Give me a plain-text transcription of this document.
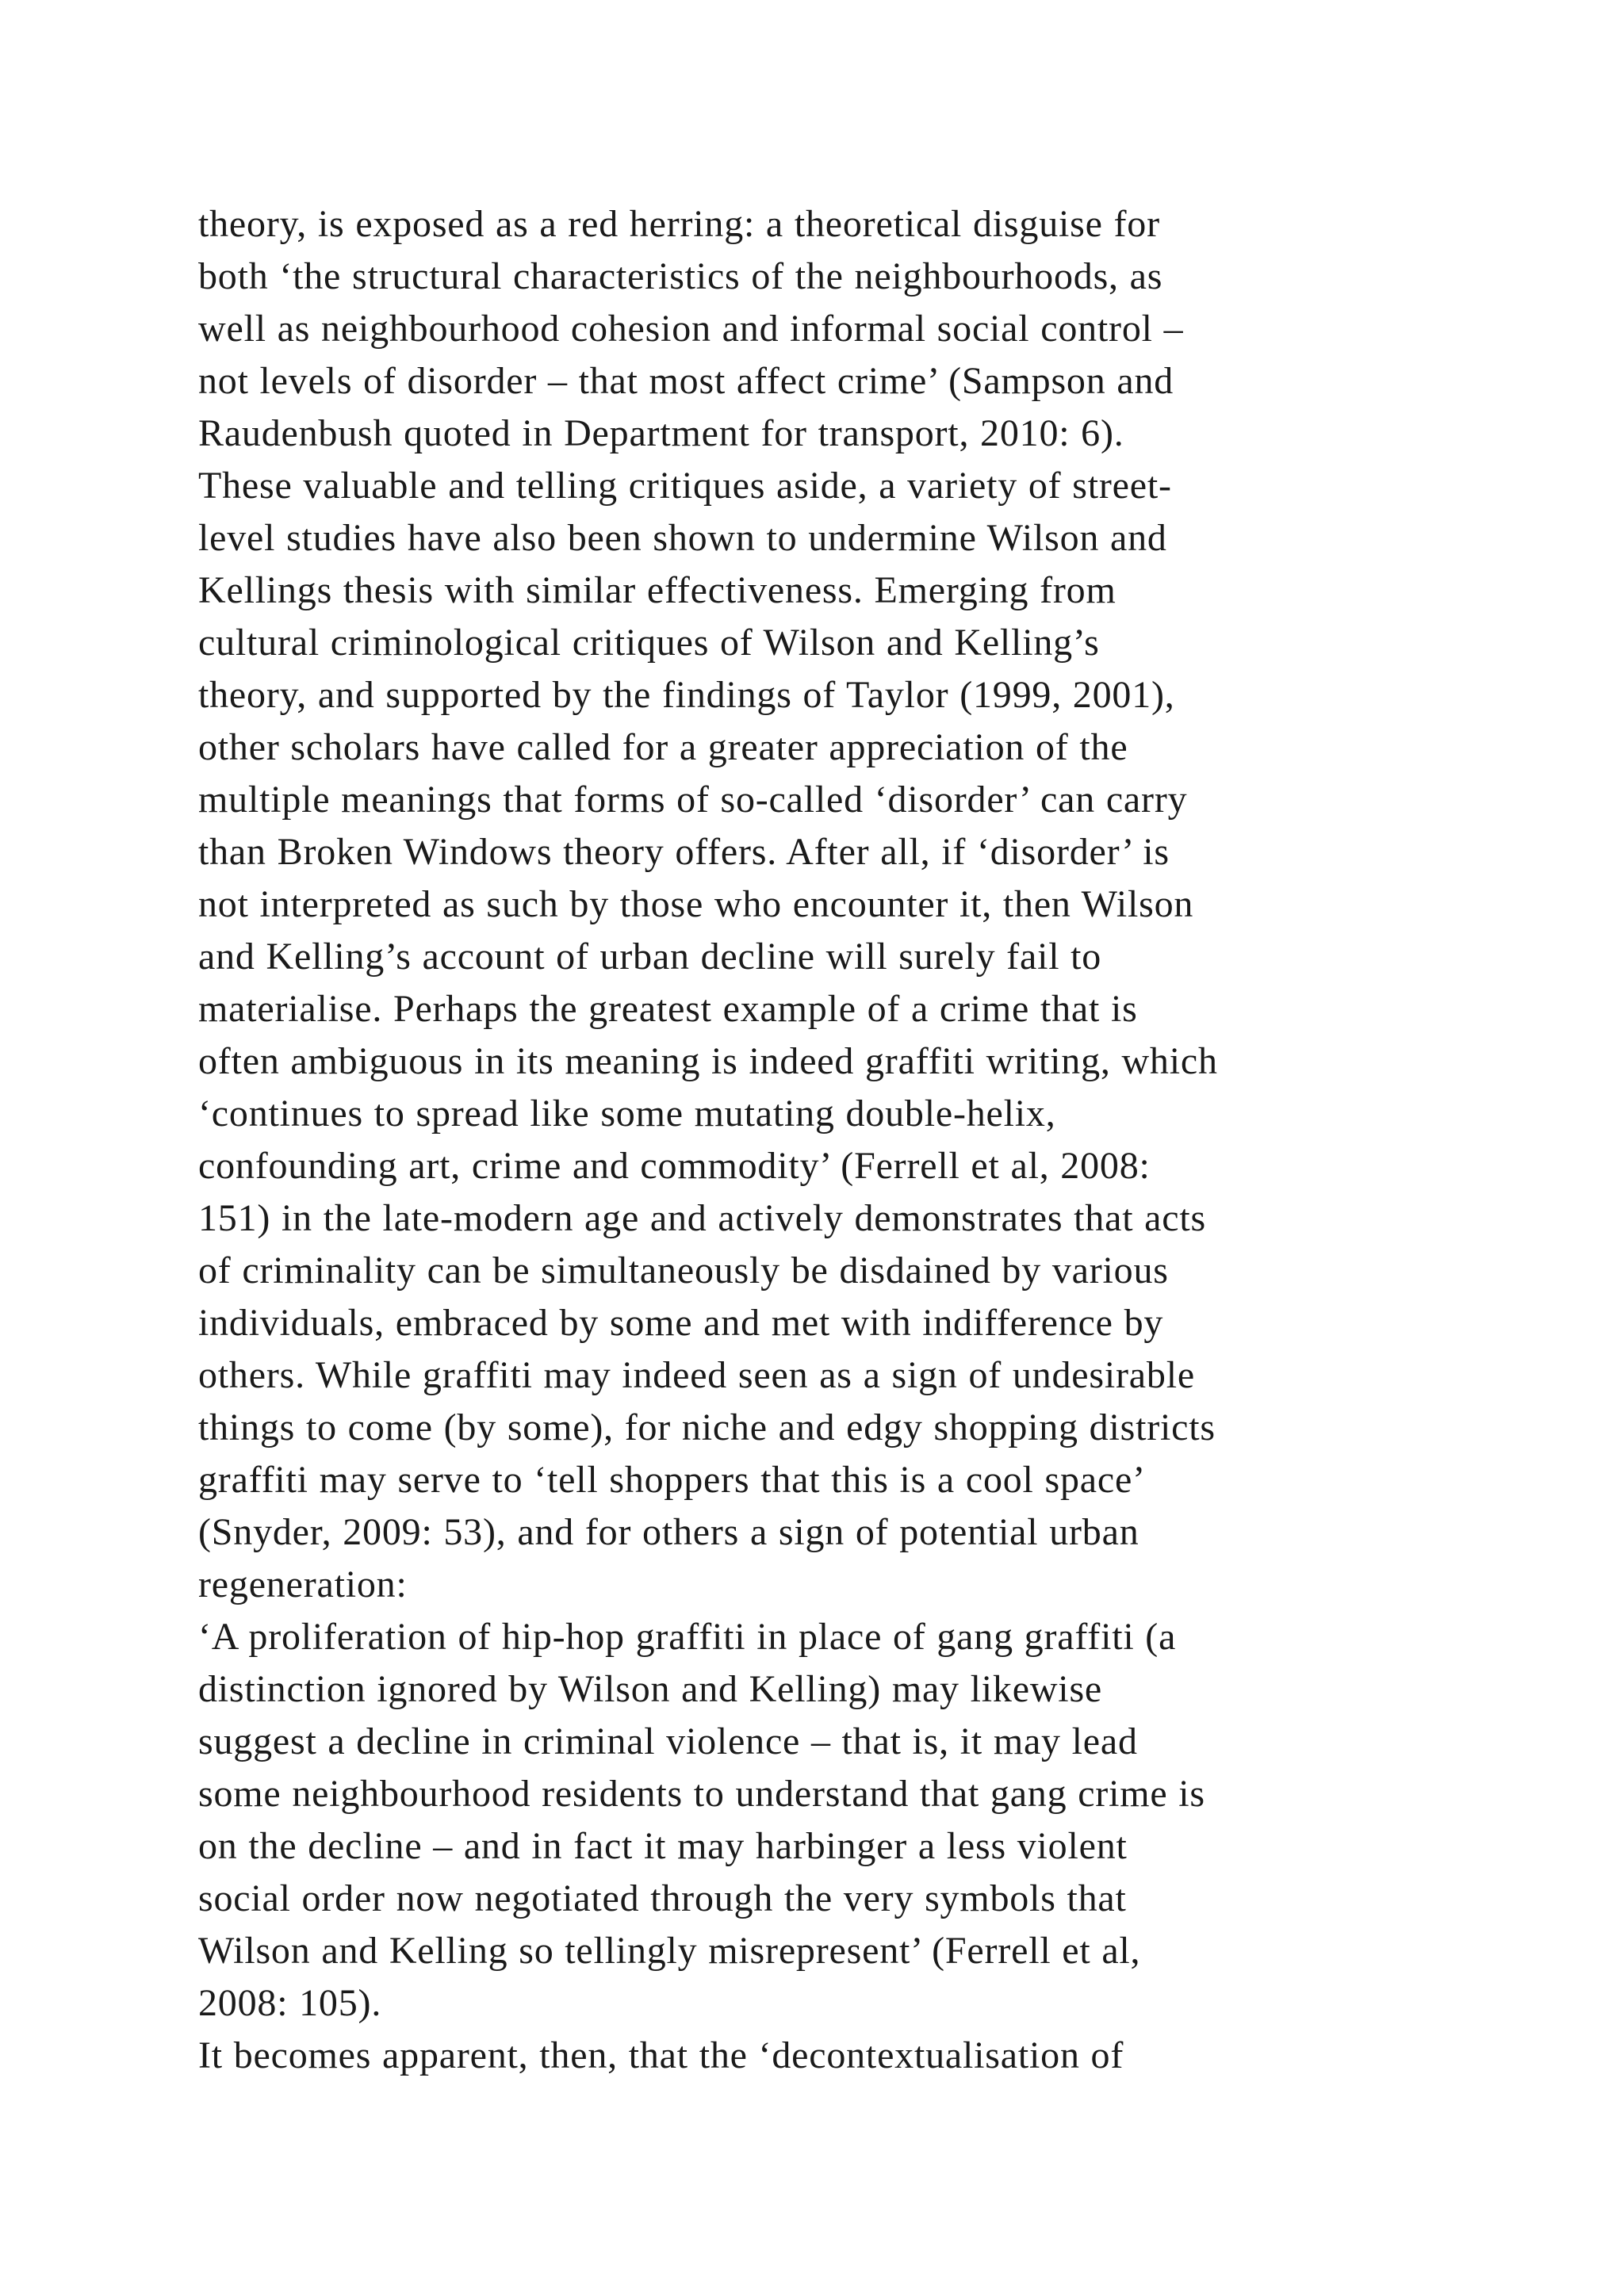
theory, is exposed as a red herring: a theoretical disguise for
both ‘the structural characteristics of the neighbourhoods, as
well as neighbourhood cohesion and informal social control –
not levels of disorder – that most affect crime’ (Sampson and
Raudenbush quoted in Department for transport, 2010: 6).
These valuable and telling critiques aside, a variety of street-
level studies have also been shown to undermine Wilson and
Kellings thesis with similar effectiveness. Emerging from
cultural criminological critiques of Wilson and Kelling’s
theory, and supported by the findings of Taylor (1999, 2001),
other scholars have called for a greater appreciation of the
multiple meanings that forms of so-called ‘disorder’ can carry
than Broken Windows theory offers. After all, if ‘disorder’ is
not interpreted as such by those who encounter it, then Wilson
and Kelling’s account of urban decline will surely fail to
materialise. Perhaps the greatest example of a crime that is
often ambiguous in its meaning is indeed graffiti writing, which
‘continues to spread like some mutating double-helix,
confounding art, crime and commodity’ (Ferrell et al, 2008:
151) in the late-modern age and actively demonstrates that acts
of criminality can be simultaneously be disdained by various
individuals, embraced by some and met with indifference by
others. While graffiti may indeed seen as a sign of undesirable
things to come (by some), for niche and edgy shopping districts
graffiti may serve to ‘tell shoppers that this is a cool space’
(Snyder, 2009: 53), and for others a sign of potential urban
regeneration:
‘A proliferation of hip-hop graffiti in place of gang graffiti (a
distinction ignored by Wilson and Kelling) may likewise
suggest a decline in criminal violence – that is, it may lead
some neighbourhood residents to understand that gang crime is
on the decline – and in fact it may harbinger a less violent
social order now negotiated through the very symbols that
Wilson and Kelling so tellingly misrepresent’ (Ferrell et al,
2008: 105).
It becomes apparent, then, that the ‘decontextualisation of
